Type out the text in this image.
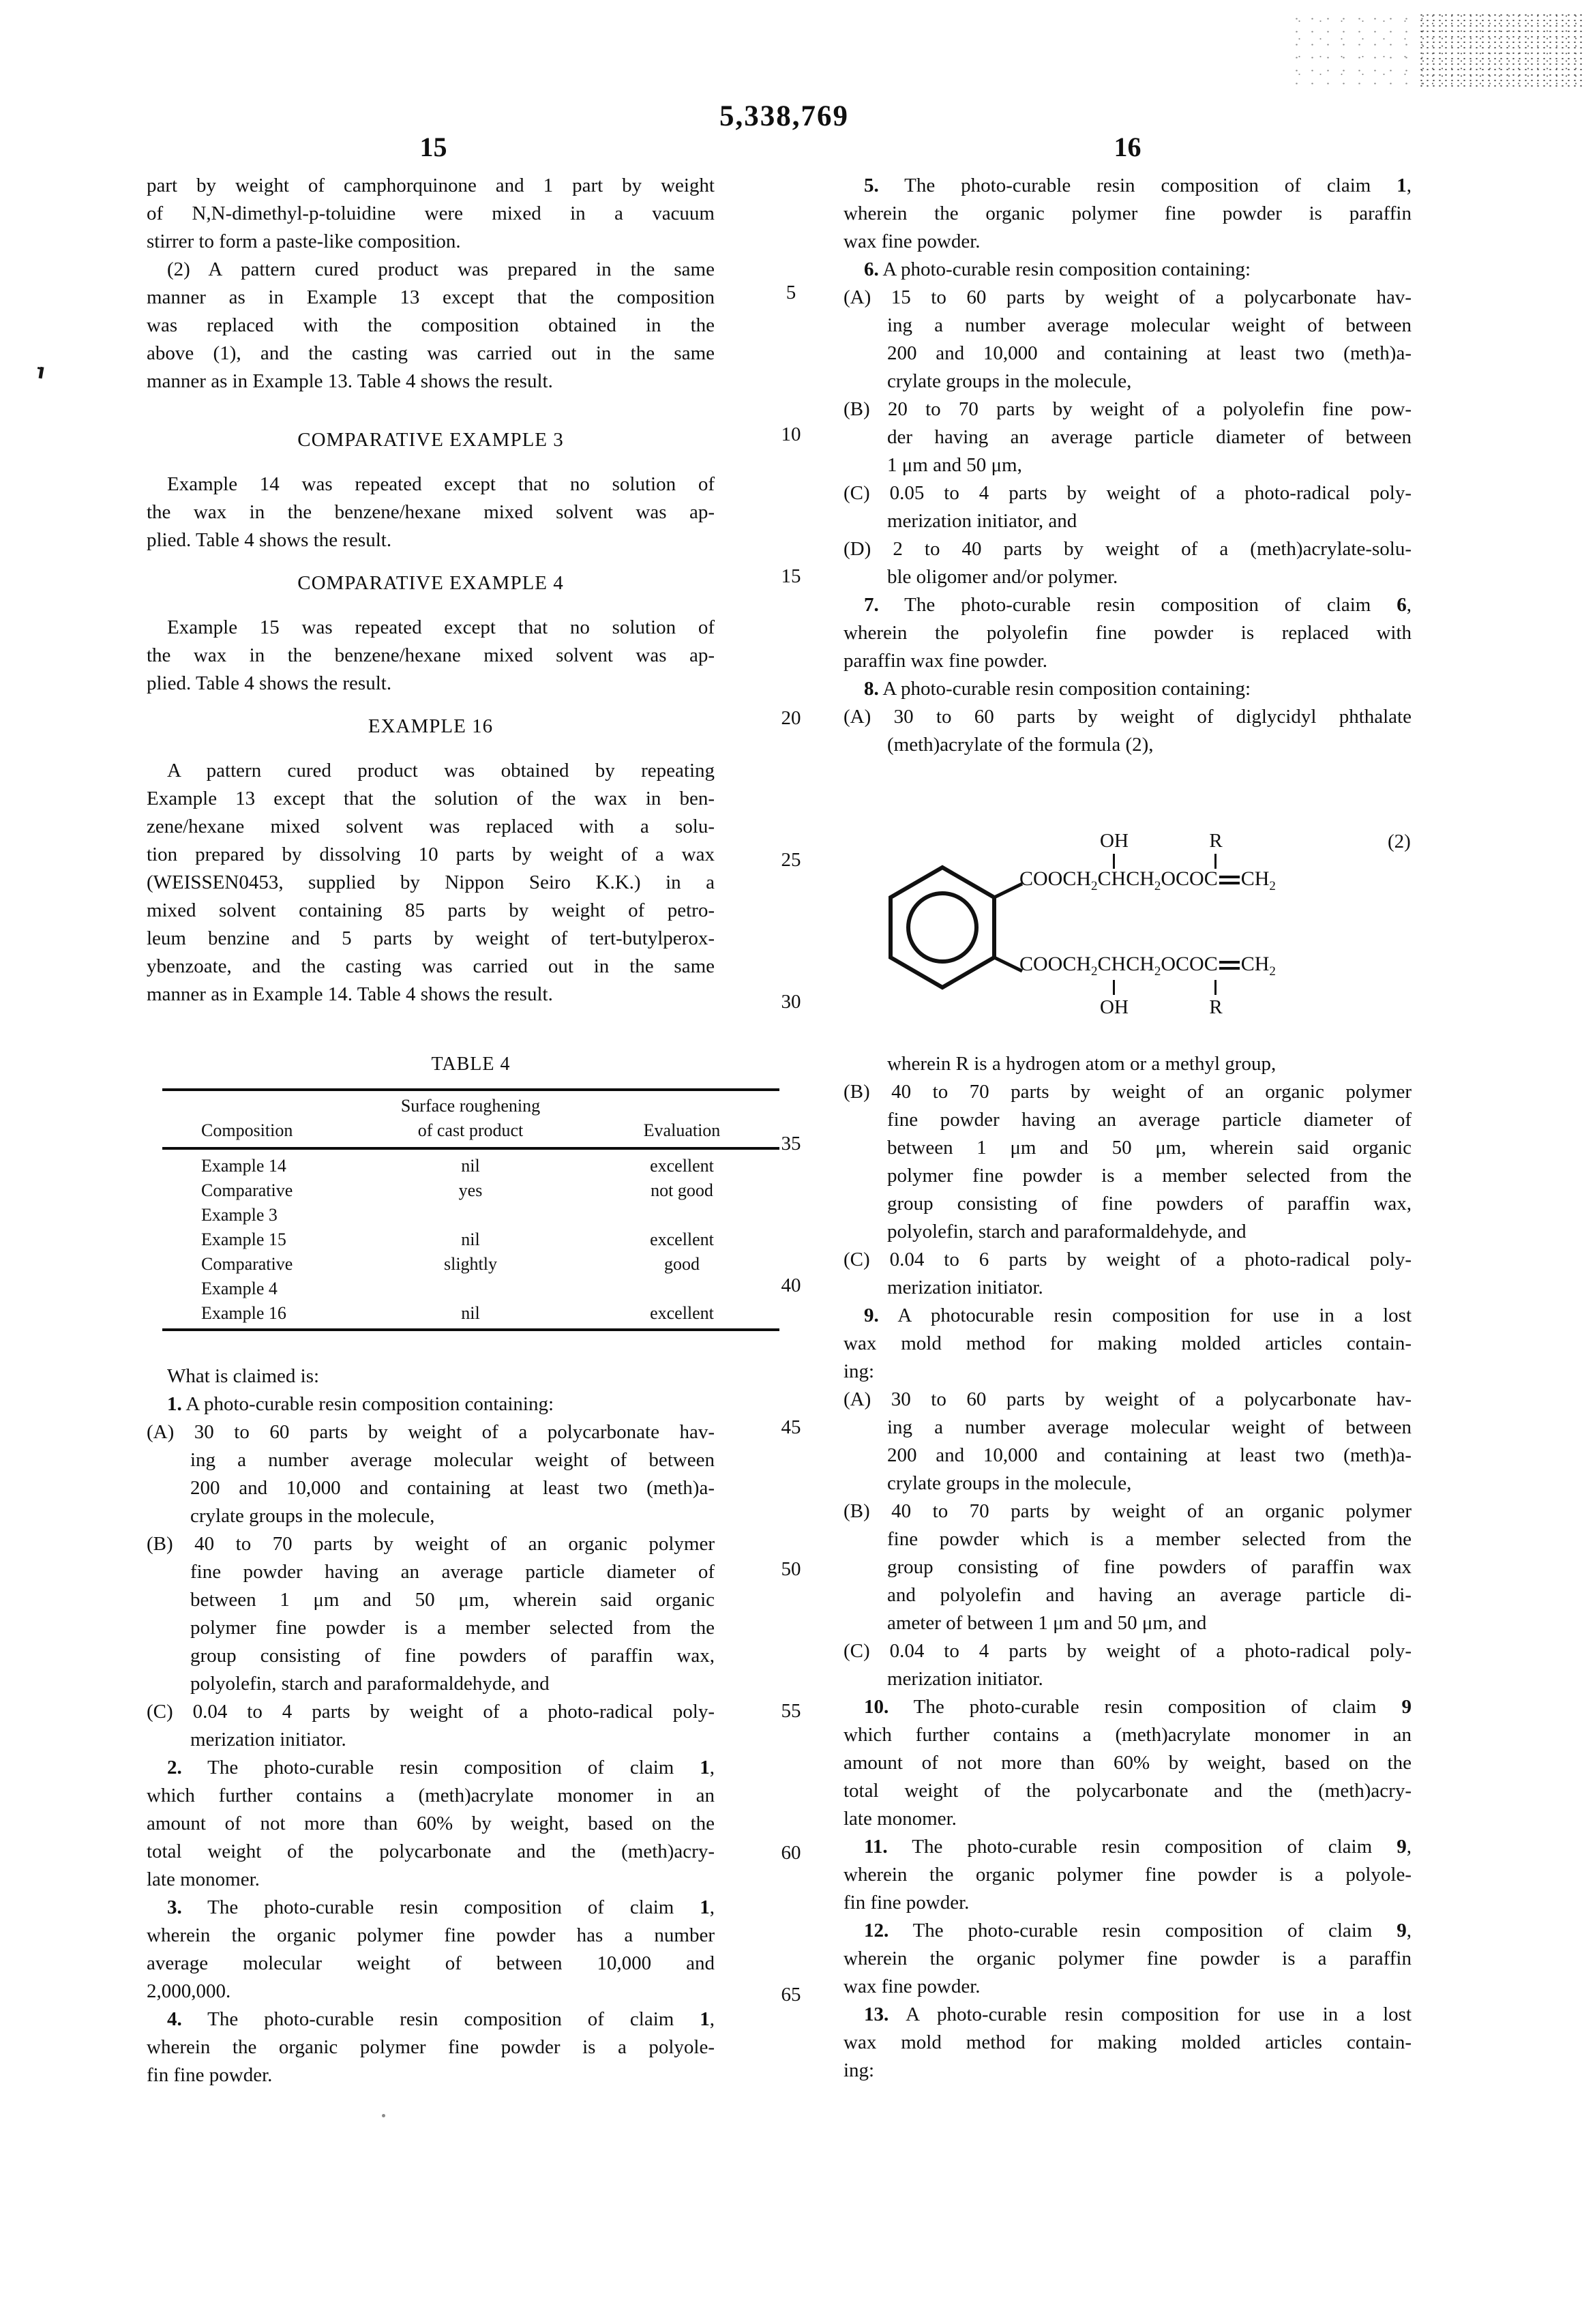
5,338,769
15	16
5
10
15
20
25
30
35
40
45
50
55
60
65
part by weight of camphorquinone and 1 part by weight
of N,N-dimethyl-p-toluidine were mixed in a vacuum
stirrer to form a paste-like composition.
(2) A pattern cured product was prepared in the same
manner as in Example 13 except that the composition
was replaced with the composition obtained in the
above (1), and the casting was carried out in the same
manner as in Example 13. Table 4 shows the result.
COMPARATIVE EXAMPLE 3
Example 14 was repeated except that no solution of
the wax in the benzene/hexane mixed solvent was ap-
plied. Table 4 shows the result.
COMPARATIVE EXAMPLE 4
Example 15 was repeated except that no solution of
the wax in the benzene/hexane mixed solvent was ap-
plied. Table 4 shows the result.
EXAMPLE 16
A pattern cured product was obtained by repeating
Example 13 except that the solution of the wax in ben-
zene/hexane mixed solvent was replaced with a solu-
tion prepared by dissolving 10 parts by weight of a wax
(WEISSEN0453, supplied by Nippon Seiro K.K.) in a
mixed solvent containing 85 parts by weight of petro-
leum benzine and 5 parts by weight of tert-butylperox-
ybenzoate, and the casting was carried out in the same
manner as in Example 14. Table 4 shows the result.
What is claimed is:
1. A photo-curable resin composition containing:
(A) 30 to 60 parts by weight of a polycarbonate hav-
ing a number average molecular weight of between
200 and 10,000 and containing at least two (meth)a-
crylate groups in the molecule,
(B) 40 to 70 parts by weight of an organic polymer
fine powder having an average particle diameter of
between 1 μm and 50 μm, wherein said organic
polymer fine powder is a member selected from the
group consisting of fine powders of paraffin wax,
polyolefin, starch and paraformaldehyde, and
(C) 0.04 to 4 parts by weight of a photo-radical poly-
merization initiator.
2. The photo-curable resin composition of claim 1,
which further contains a (meth)acrylate monomer in an
amount of not more than 60% by weight, based on the
total weight of the polycarbonate and the (meth)acry-
late monomer.
3. The photo-curable resin composition of claim 1,
wherein the organic polymer fine powder has a number
average molecular weight of between 10,000 and
2,000,000.
4. The photo-curable resin composition of claim 1,
wherein the organic polymer fine powder is a polyole-
fin fine powder.
5. The photo-curable resin composition of claim 1,
wherein the organic polymer fine powder is paraffin
wax fine powder.
6. A photo-curable resin composition containing:
(A) 15 to 60 parts by weight of a polycarbonate hav-
ing a number average molecular weight of between
200 and 10,000 and containing at least two (meth)a-
crylate groups in the molecule,
(B) 20 to 70 parts by weight of a polyolefin fine pow-
der having an average particle diameter of between
1 μm and 50 μm,
(C) 0.05 to 4 parts by weight of a photo-radical poly-
merization initiator, and
(D) 2 to 40 parts by weight of a (meth)acrylate-solu-
ble oligomer and/or polymer.
7. The photo-curable resin composition of claim 6,
wherein the polyolefin fine powder is replaced with
paraffin wax fine powder.
8. A photo-curable resin composition containing:
(A) 30 to 60 parts by weight of diglycidyl phthalate
(meth)acrylate of the formula (2),
wherein R is a hydrogen atom or a methyl group,
(B) 40 to 70 parts by weight of an organic polymer
fine powder having an average particle diameter of
between 1 μm and 50 μm, wherein said organic
polymer fine powder is a member selected from the
group consisting of fine powders of paraffin wax,
polyolefin, starch and paraformaldehyde, and
(C) 0.04 to 6 parts by weight of a photo-radical poly-
merization initiator.
9. A photocurable resin composition for use in a lost
wax mold method for making molded articles contain-
ing:
(A) 30 to 60 parts by weight of a polycarbonate hav-
ing a number average molecular weight of between
200 and 10,000 and containing at least two (meth)a-
crylate groups in the molecule,
(B) 40 to 70 parts by weight of an organic polymer
fine powder which is a member selected from the
group consisting of fine powders of paraffin wax
and polyolefin and having an average particle di-
ameter of between 1 μm and 50 μm, and
(C) 0.04 to 4 parts by weight of a photo-radical poly-
merization initiator.
10. The photo-curable resin composition of claim 9
which further contains a (meth)acrylate monomer in an
amount of not more than 60% by weight, based on the
total weight of the polycarbonate and the (meth)acry-
late monomer.
11. The photo-curable resin composition of claim 9,
wherein the organic polymer fine powder is a polyole-
fin fine powder.
12. The photo-curable resin composition of claim 9,
wherein the organic polymer fine powder is a paraffin
wax fine powder.
13. A photo-curable resin composition for use in a lost
wax mold method for making molded articles contain-
ing:
TABLE 4
Surface roughening
Composition	of cast product	Evaluation
Example 14	nil	excellent
Comparative	yes	not good
Example 3
Example 15	nil	excellent
Comparative	slightly	good
Example 4
Example 16	nil	excellent
OH	R	(2)
$COOCH_2CHCH_2OCOC$ $CH_2$
$COOCH_2CHCH_2OCOC$ $CH_2$
OH	R
